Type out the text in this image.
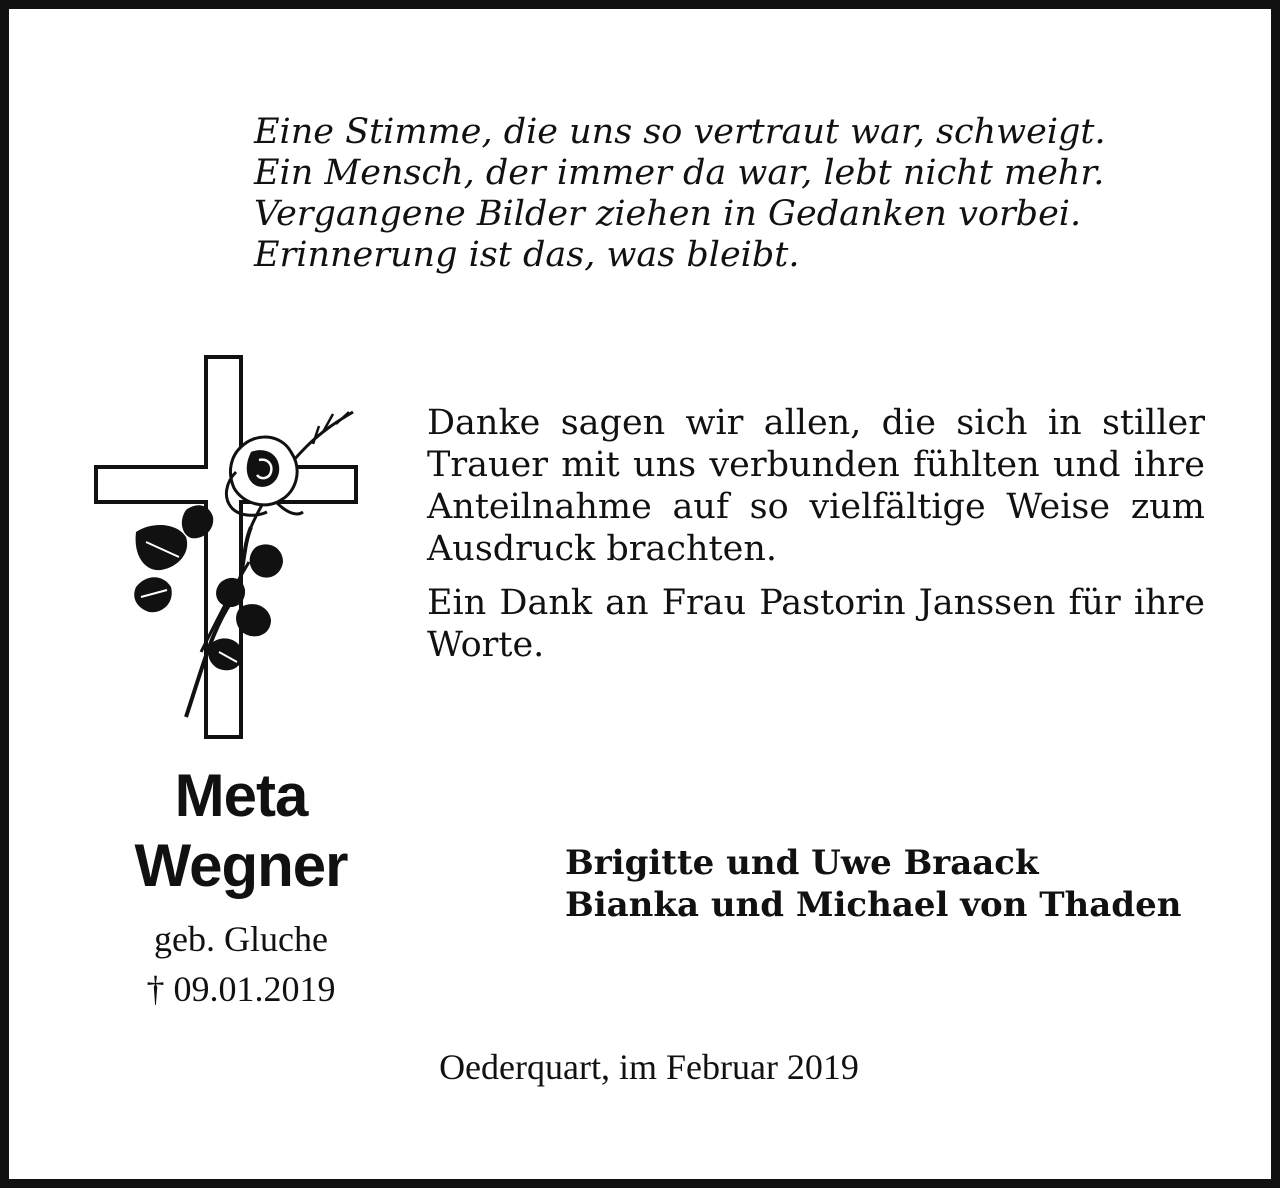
Eine Stimme, die uns so vertraut war, schweigt.
Ein Mensch, der immer da war, lebt nicht mehr.
Vergangene Bilder ziehen in Gedanken vorbei.
Erinnerung ist das, was bleibt.

Danke sagen wir allen, die sich in stiller Trauer mit uns verbunden fühlten und ihre Anteilnahme auf so vielfältige Weise zum Ausdruck brachten.

Ein Dank an Frau Pastorin Janssen für ihre Worte.

Meta
Wegner
geb. Gluche
† 09.01.2019
Brigitte und Uwe Braack
Bianka und Michael von Thaden
Oederquart, im Februar 2019
